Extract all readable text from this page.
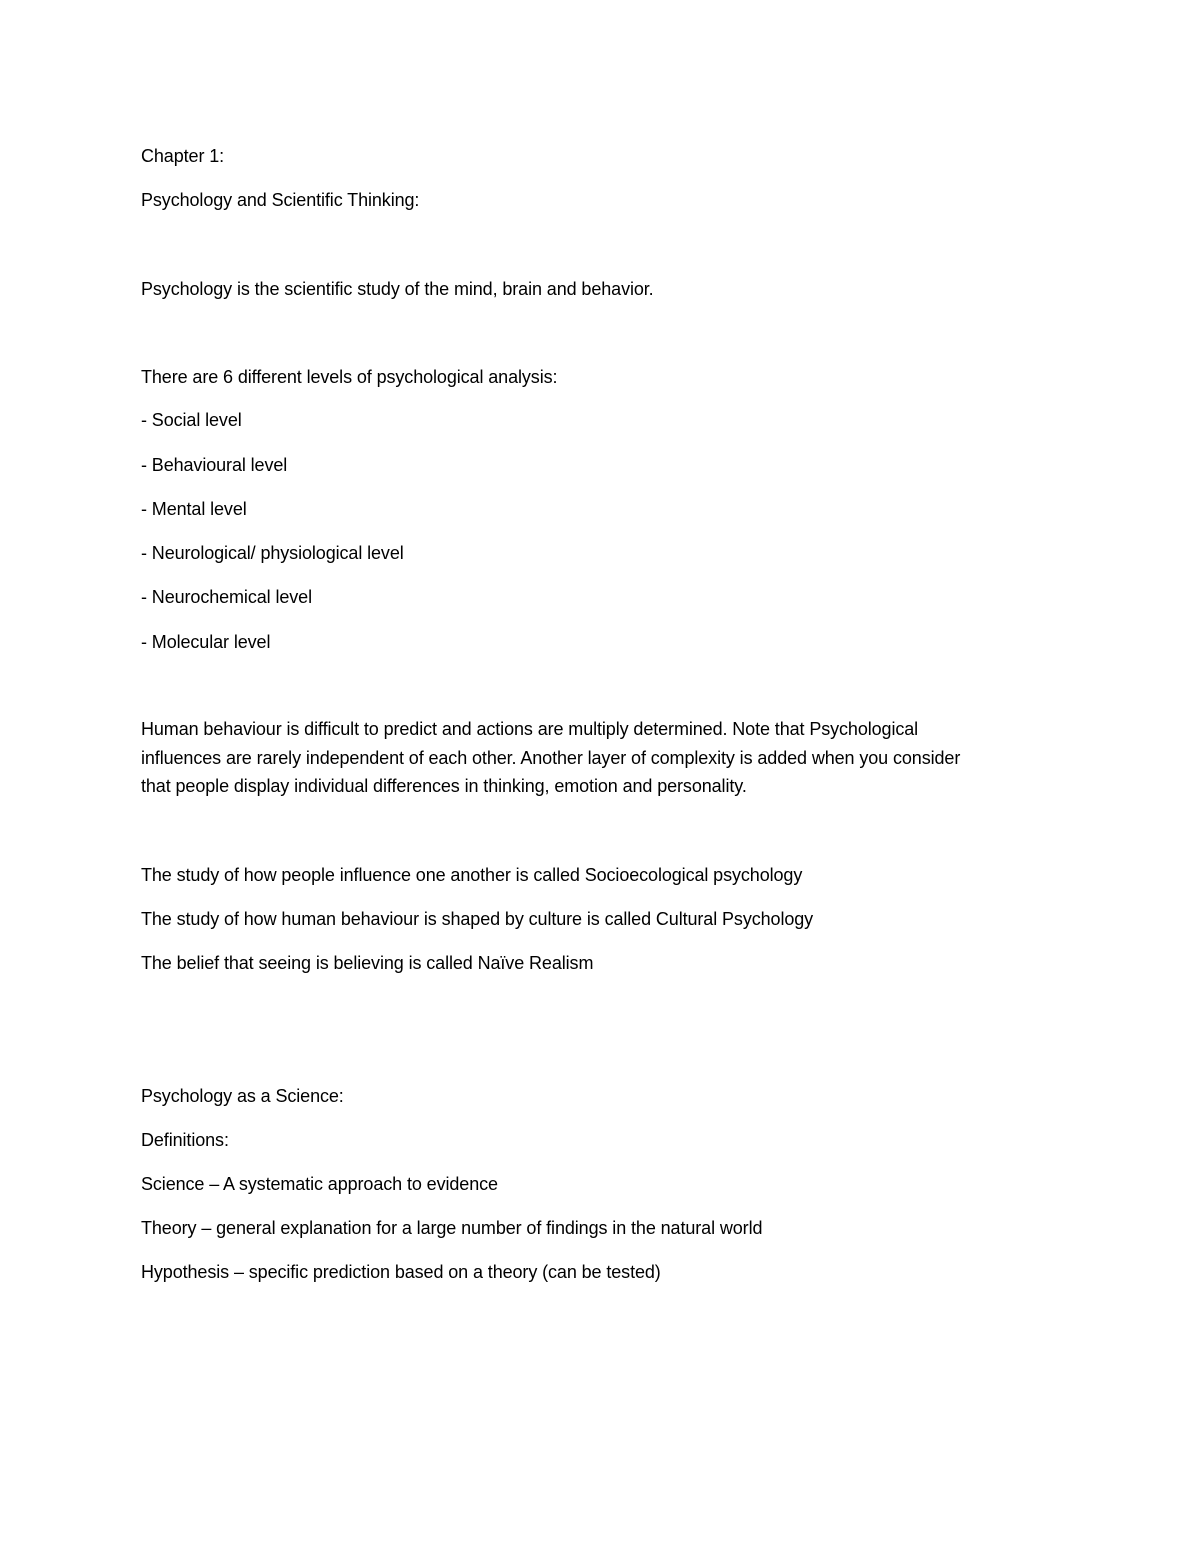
Chapter 1:
Psychology and Scientific Thinking:
Psychology is the scientific study of the mind, brain and behavior.
There are 6 different levels of psychological analysis:
- Social level
- Behavioural level
- Mental level
- Neurological/ physiological level
- Neurochemical level
- Molecular level
Human behaviour is difficult to predict and actions are multiply determined. Note that Psychological
influences are rarely independent of each other. Another layer of complexity is added when you consider
that people display individual differences in thinking, emotion and personality.
The study of how people influence one another is called Socioecological psychology
The study of how human behaviour is shaped by culture is called Cultural Psychology
The belief that seeing is believing is called Naïve Realism
Psychology as a Science:
Definitions:
Science – A systematic approach to evidence
Theory – general explanation for a large number of findings in the natural world
Hypothesis – specific prediction based on a theory (can be tested)
